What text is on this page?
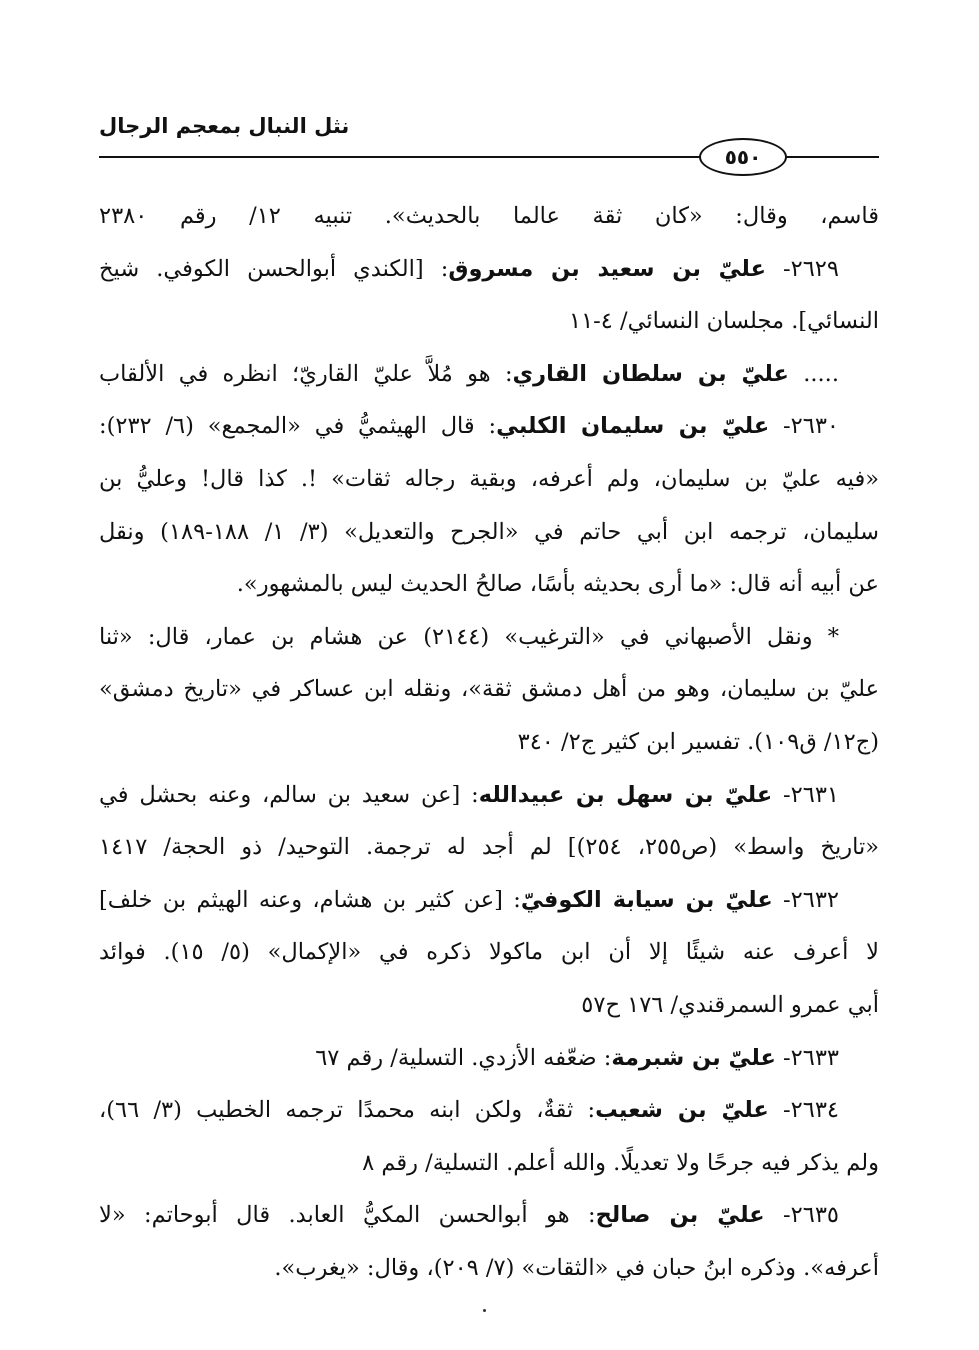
نثل النبال بمعجم الرجال
٥٥٠
قاسم، وقال: «كان ثقة عالما بالحديث». تنبيه ١٢/ رقم ٢٣٨٠
٢٦٢٩- عليّ بن سعيد بن مسروق: [الكندي أبوالحسن الكوفي. شيخ
النسائي]. مجلسان النسائي/ ٤-١١
..... عليّ بن سلطان القاري: هو مُلاَّ عليّ القاريّ؛ انظره في الألقاب
٢٦٣٠- عليّ بن سليمان الكلبي: قال الهيثميُّ في «المجمع» (٦/ ٢٣٢):
«فيه عليّ بن سليمان، ولم أعرفه، وبقية رجاله ثقات» !. كذا قال! وعليُّ بن
سليمان، ترجمه ابن أبي حاتم في «الجرح والتعديل» (٣/ ١/ ١٨٨-١٨٩) ونقل
عن أبيه أنه قال: «ما أرى بحديثه بأسًا، صالحُ الحديث ليس بالمشهور».
* ونقل الأصبهاني في «الترغيب» (٢١٤٤) عن هشام بن عمار، قال: «ثنا
عليّ بن سليمان، وهو من أهل دمشق ثقة»، ونقله ابن عساكر في «تاريخ دمشق»
(ج١٢/ ق١٠٩). تفسير ابن كثير ج٢/ ٣٤٠
٢٦٣١- عليّ بن سهل بن عبيدالله: [عن سعيد بن سالم، وعنه بحشل في
«تاريخ واسط» (ص٢٥٥، ٢٥٤)] لم أجد له ترجمة. التوحيد/ ذو الحجة/ ١٤١٧
٢٦٣٢- عليّ بن سيابة الكوفيّ: [عن كثير بن هشام، وعنه الهيثم بن خلف]
لا أعرف عنه شيئًا إلا أن ابن ماكولا ذكره في «الإكمال» (٥/ ١٥). فوائد
أبي عمرو السمرقندي/ ١٧٦ ح٥٧
٢٦٣٣- عليّ بن شبرمة: ضعّفه الأزدي. التسلية/ رقم ٦٧
٢٦٣٤- عليّ بن شعيب: ثقةٌ، ولكن ابنه محمدًا ترجمه الخطيب (٣/ ٦٦)،
ولم يذكر فيه جرحًا ولا تعديلًا. والله أعلم. التسلية/ رقم ٨
٢٦٣٥- عليّ بن صالح: هو أبوالحسن المكيُّ العابد. قال أبوحاتم: «لا
أعرفه». وذكره ابنُ حبان في «الثقات» (٧/ ٢٠٩)، وقال: «يغرب».
